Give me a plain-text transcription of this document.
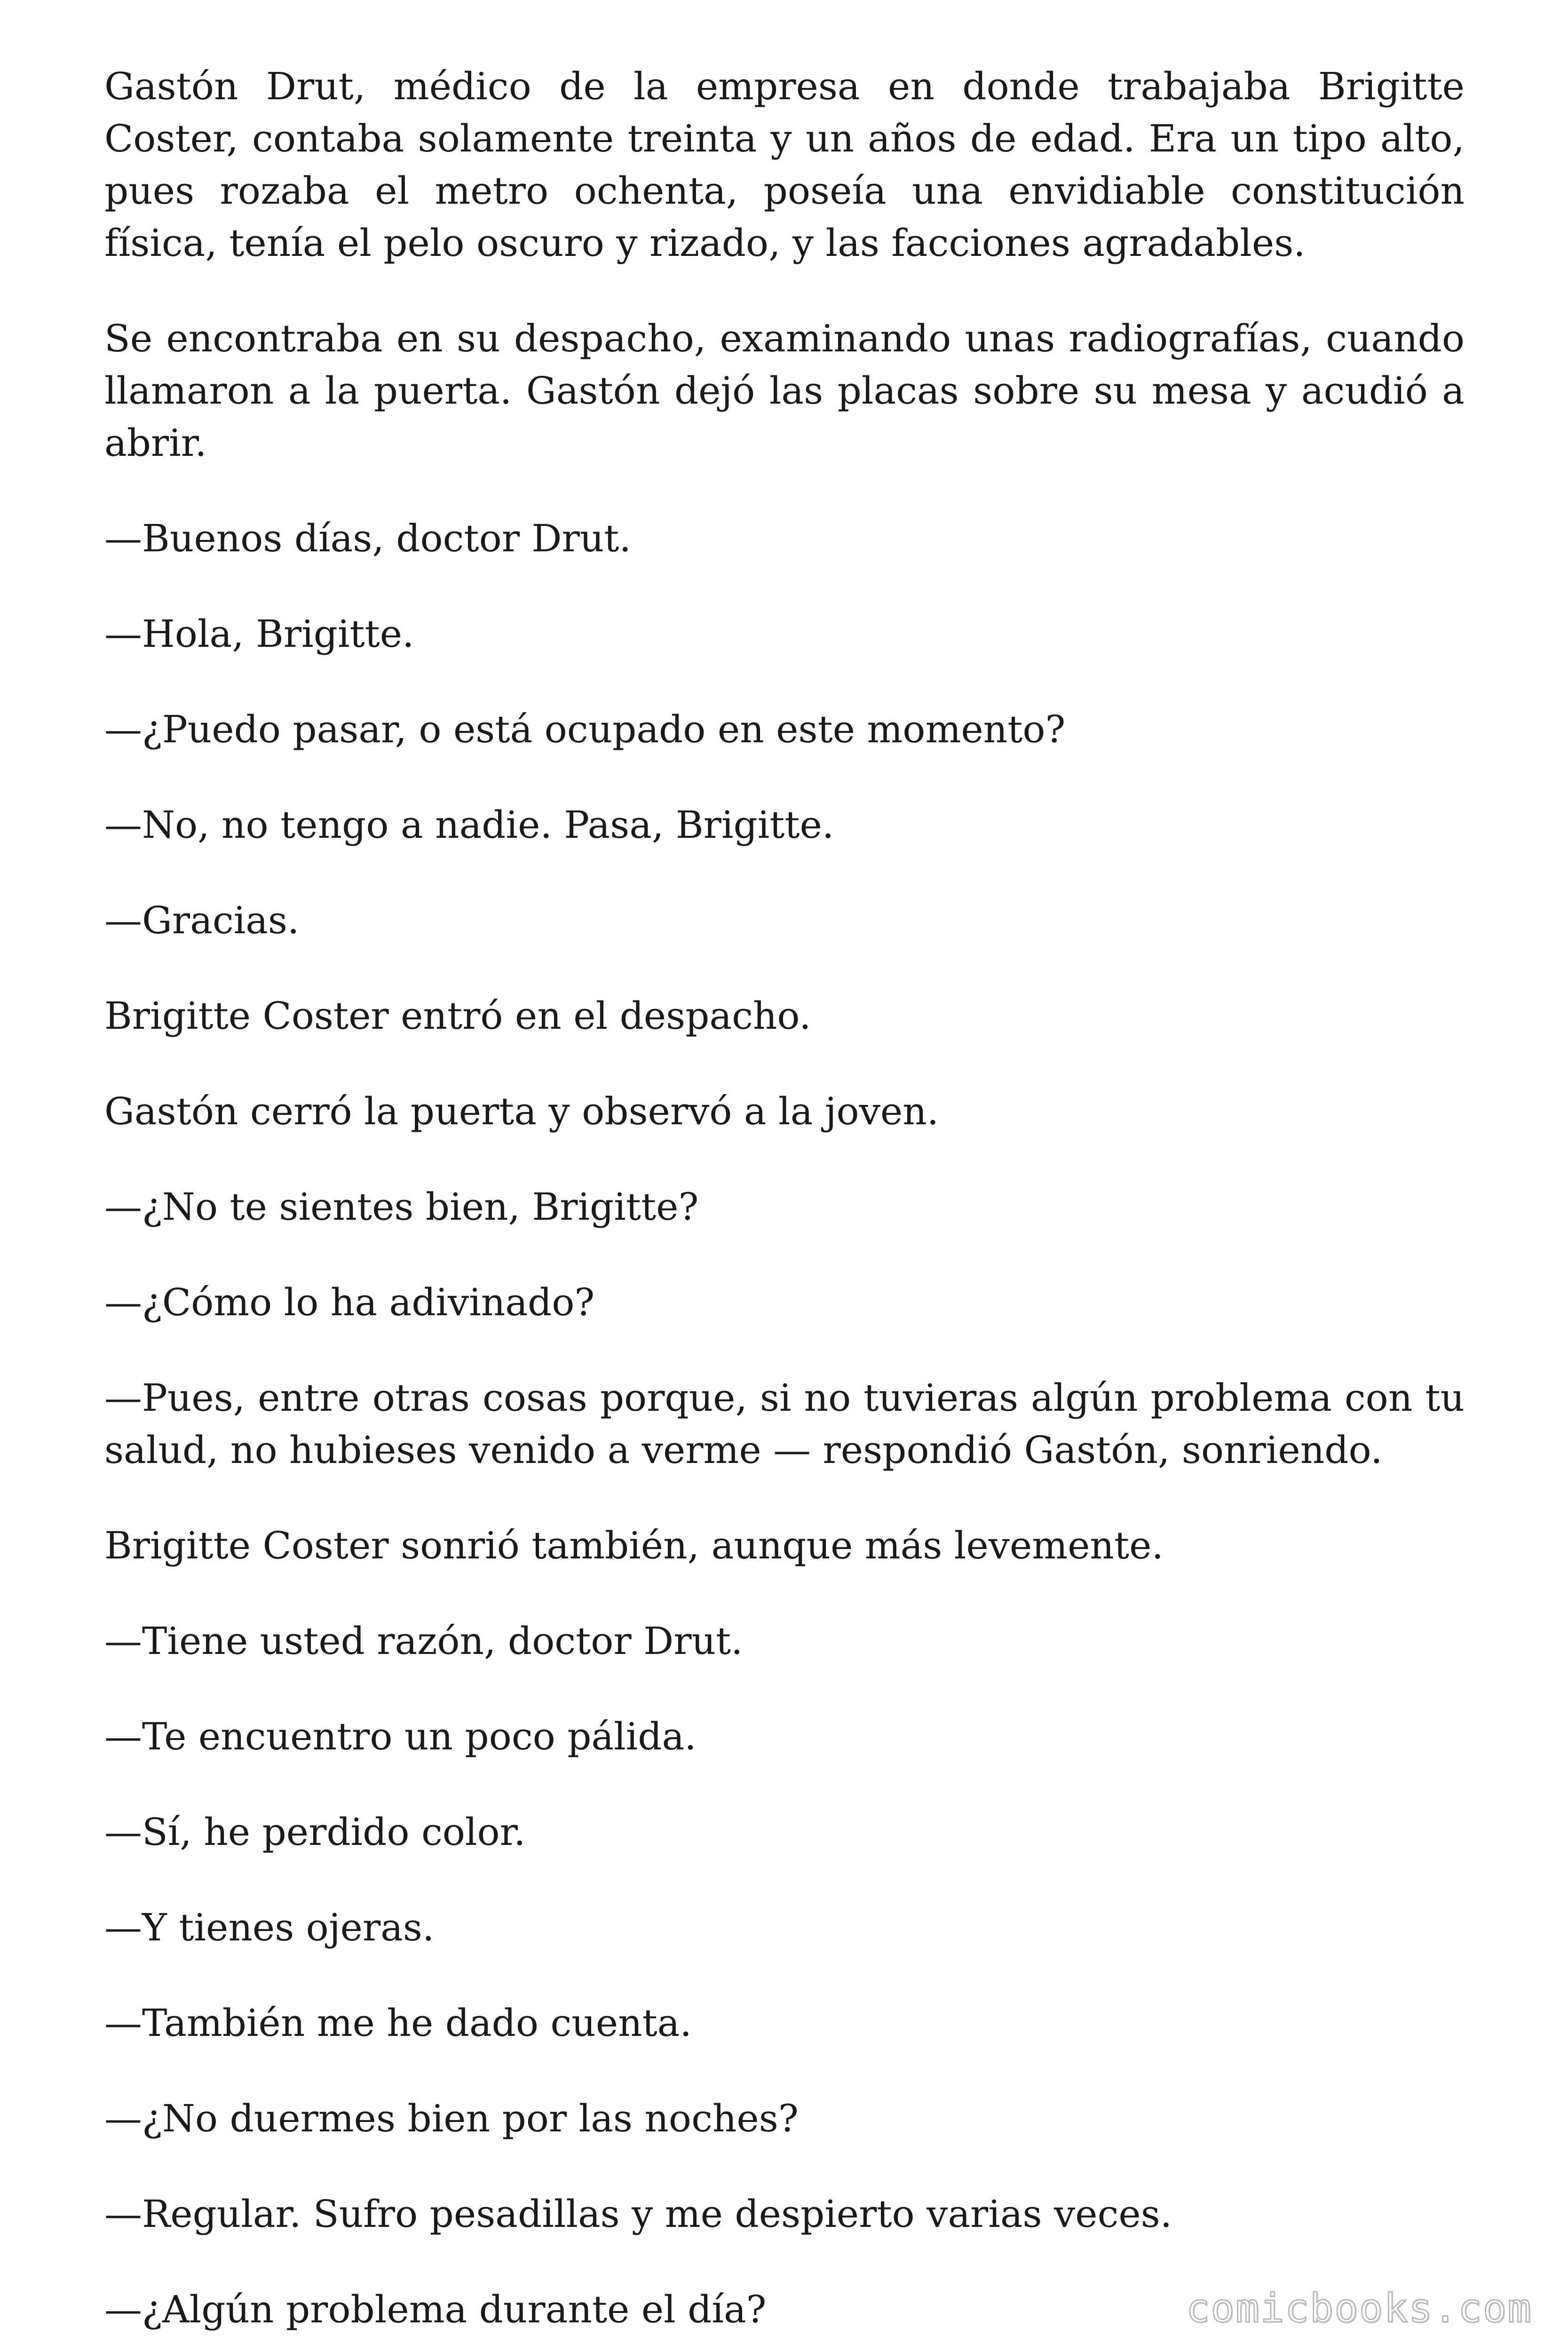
Gastón Drut, médico de la empresa en donde trabajaba Brigitte Coster, contaba solamente treinta y un años de edad. Era un tipo alto, pues rozaba el metro ochenta, poseía una envidiable constitución física, tenía el pelo oscuro y rizado, y las facciones agradables.

Se encontraba en su despacho, examinando unas radiografías, cuando llamaron a la puerta. Gastón dejó las placas sobre su mesa y acudió a abrir.

—Buenos días, doctor Drut.

—Hola, Brigitte.

—¿Puedo pasar, o está ocupado en este momento?

—No, no tengo a nadie. Pasa, Brigitte.

—Gracias.

Brigitte Coster entró en el despacho.

Gastón cerró la puerta y observó a la joven.

—¿No te sientes bien, Brigitte?

—¿Cómo lo ha adivinado?

—Pues, entre otras cosas porque, si no tuvieras algún problema con tu salud, no hubieses venido a verme — respondió Gastón, sonriendo.

Brigitte Coster sonrió también, aunque más levemente.

—Tiene usted razón, doctor Drut.

—Te encuentro un poco pálida.

—Sí, he perdido color.

—Y tienes ojeras.

—También me he dado cuenta.

—¿No duermes bien por las noches?

—Regular. Sufro pesadillas y me despierto varias veces.

—¿Algún problema durante el día?	comicbooks.com
